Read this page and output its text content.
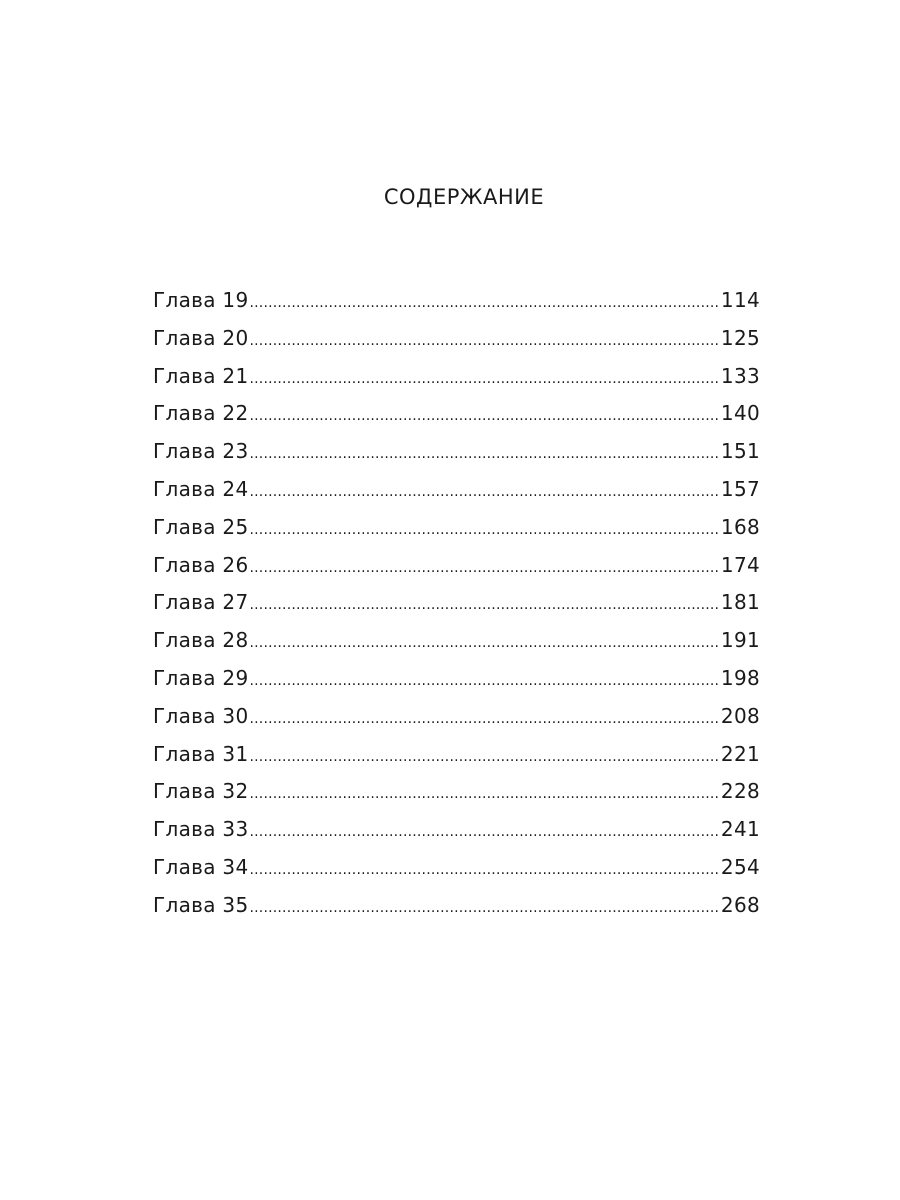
СОДЕРЖАНИЕ
Глава 19 .....	114
Глава 20 .....	125
Глава 21 .....	133
Глава 22 .....	140
Глава 23 .....	151
Глава 24 .....	157
Глава 25 .....	168
Глава 26 .....	174
Глава 27 .....	181
Глава 28 .....	191
Глава 29 .....	198
Глава 30 .....	208
Глава 31 .....	221
Глава 32 .....	228
Глава 33 .....	241
Глава 34 .....	254
Глава 35 .....	268
